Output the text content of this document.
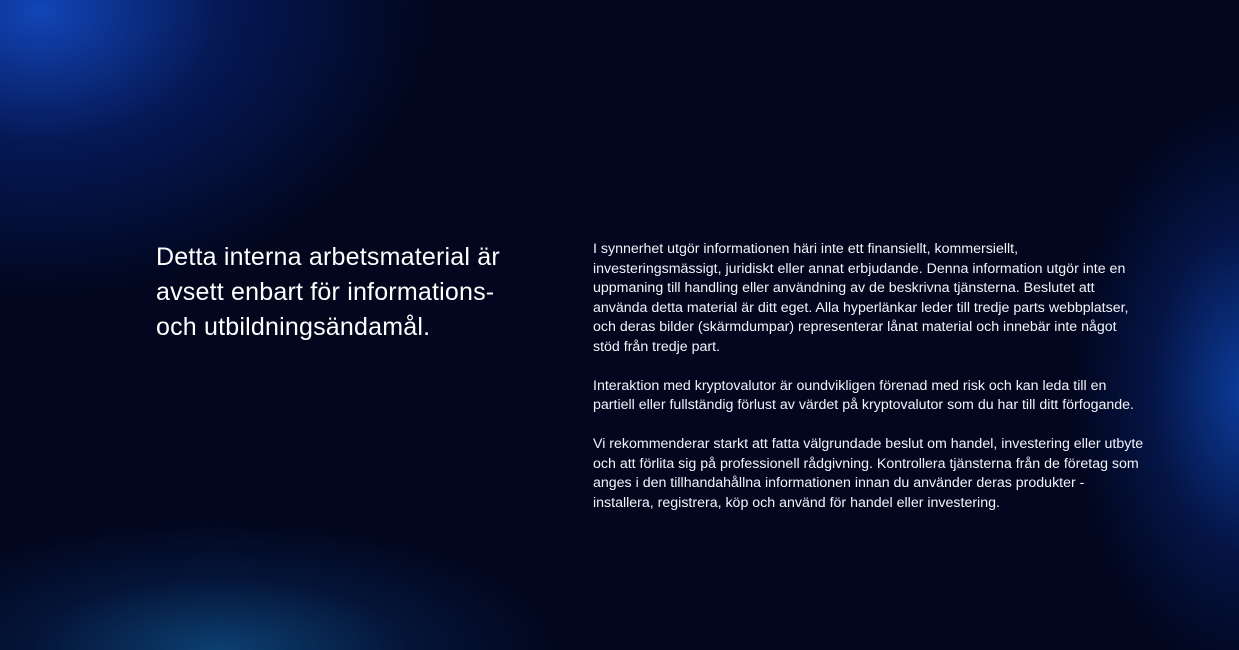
Detta interna arbetsmaterial är avsett enbart för informations- och utbildningsändamål.

I synnerhet utgör informationen häri inte ett finansiellt, kommersiellt, investeringsmässigt, juridiskt eller annat erbjudande. Denna information utgör inte en uppmaning till handling eller användning av de beskrivna tjänsterna. Beslutet att använda detta material är ditt eget. Alla hyperlänkar leder till tredje parts webbplatser, och deras bilder (skärmdumpar) representerar lånat material och innebär inte något stöd från tredje part.

Interaktion med kryptovalutor är oundvikligen förenad med risk och kan leda till en partiell eller fullständig förlust av värdet på kryptovalutor som du har till ditt förfogande.

Vi rekommenderar starkt att fatta välgrundade beslut om handel, investering eller utbyte och att förlita sig på professionell rådgivning. Kontrollera tjänsterna från de företag som anges i den tillhandahållna informationen innan du använder deras produkter - installera, registrera, köp och använd för handel eller investering.
